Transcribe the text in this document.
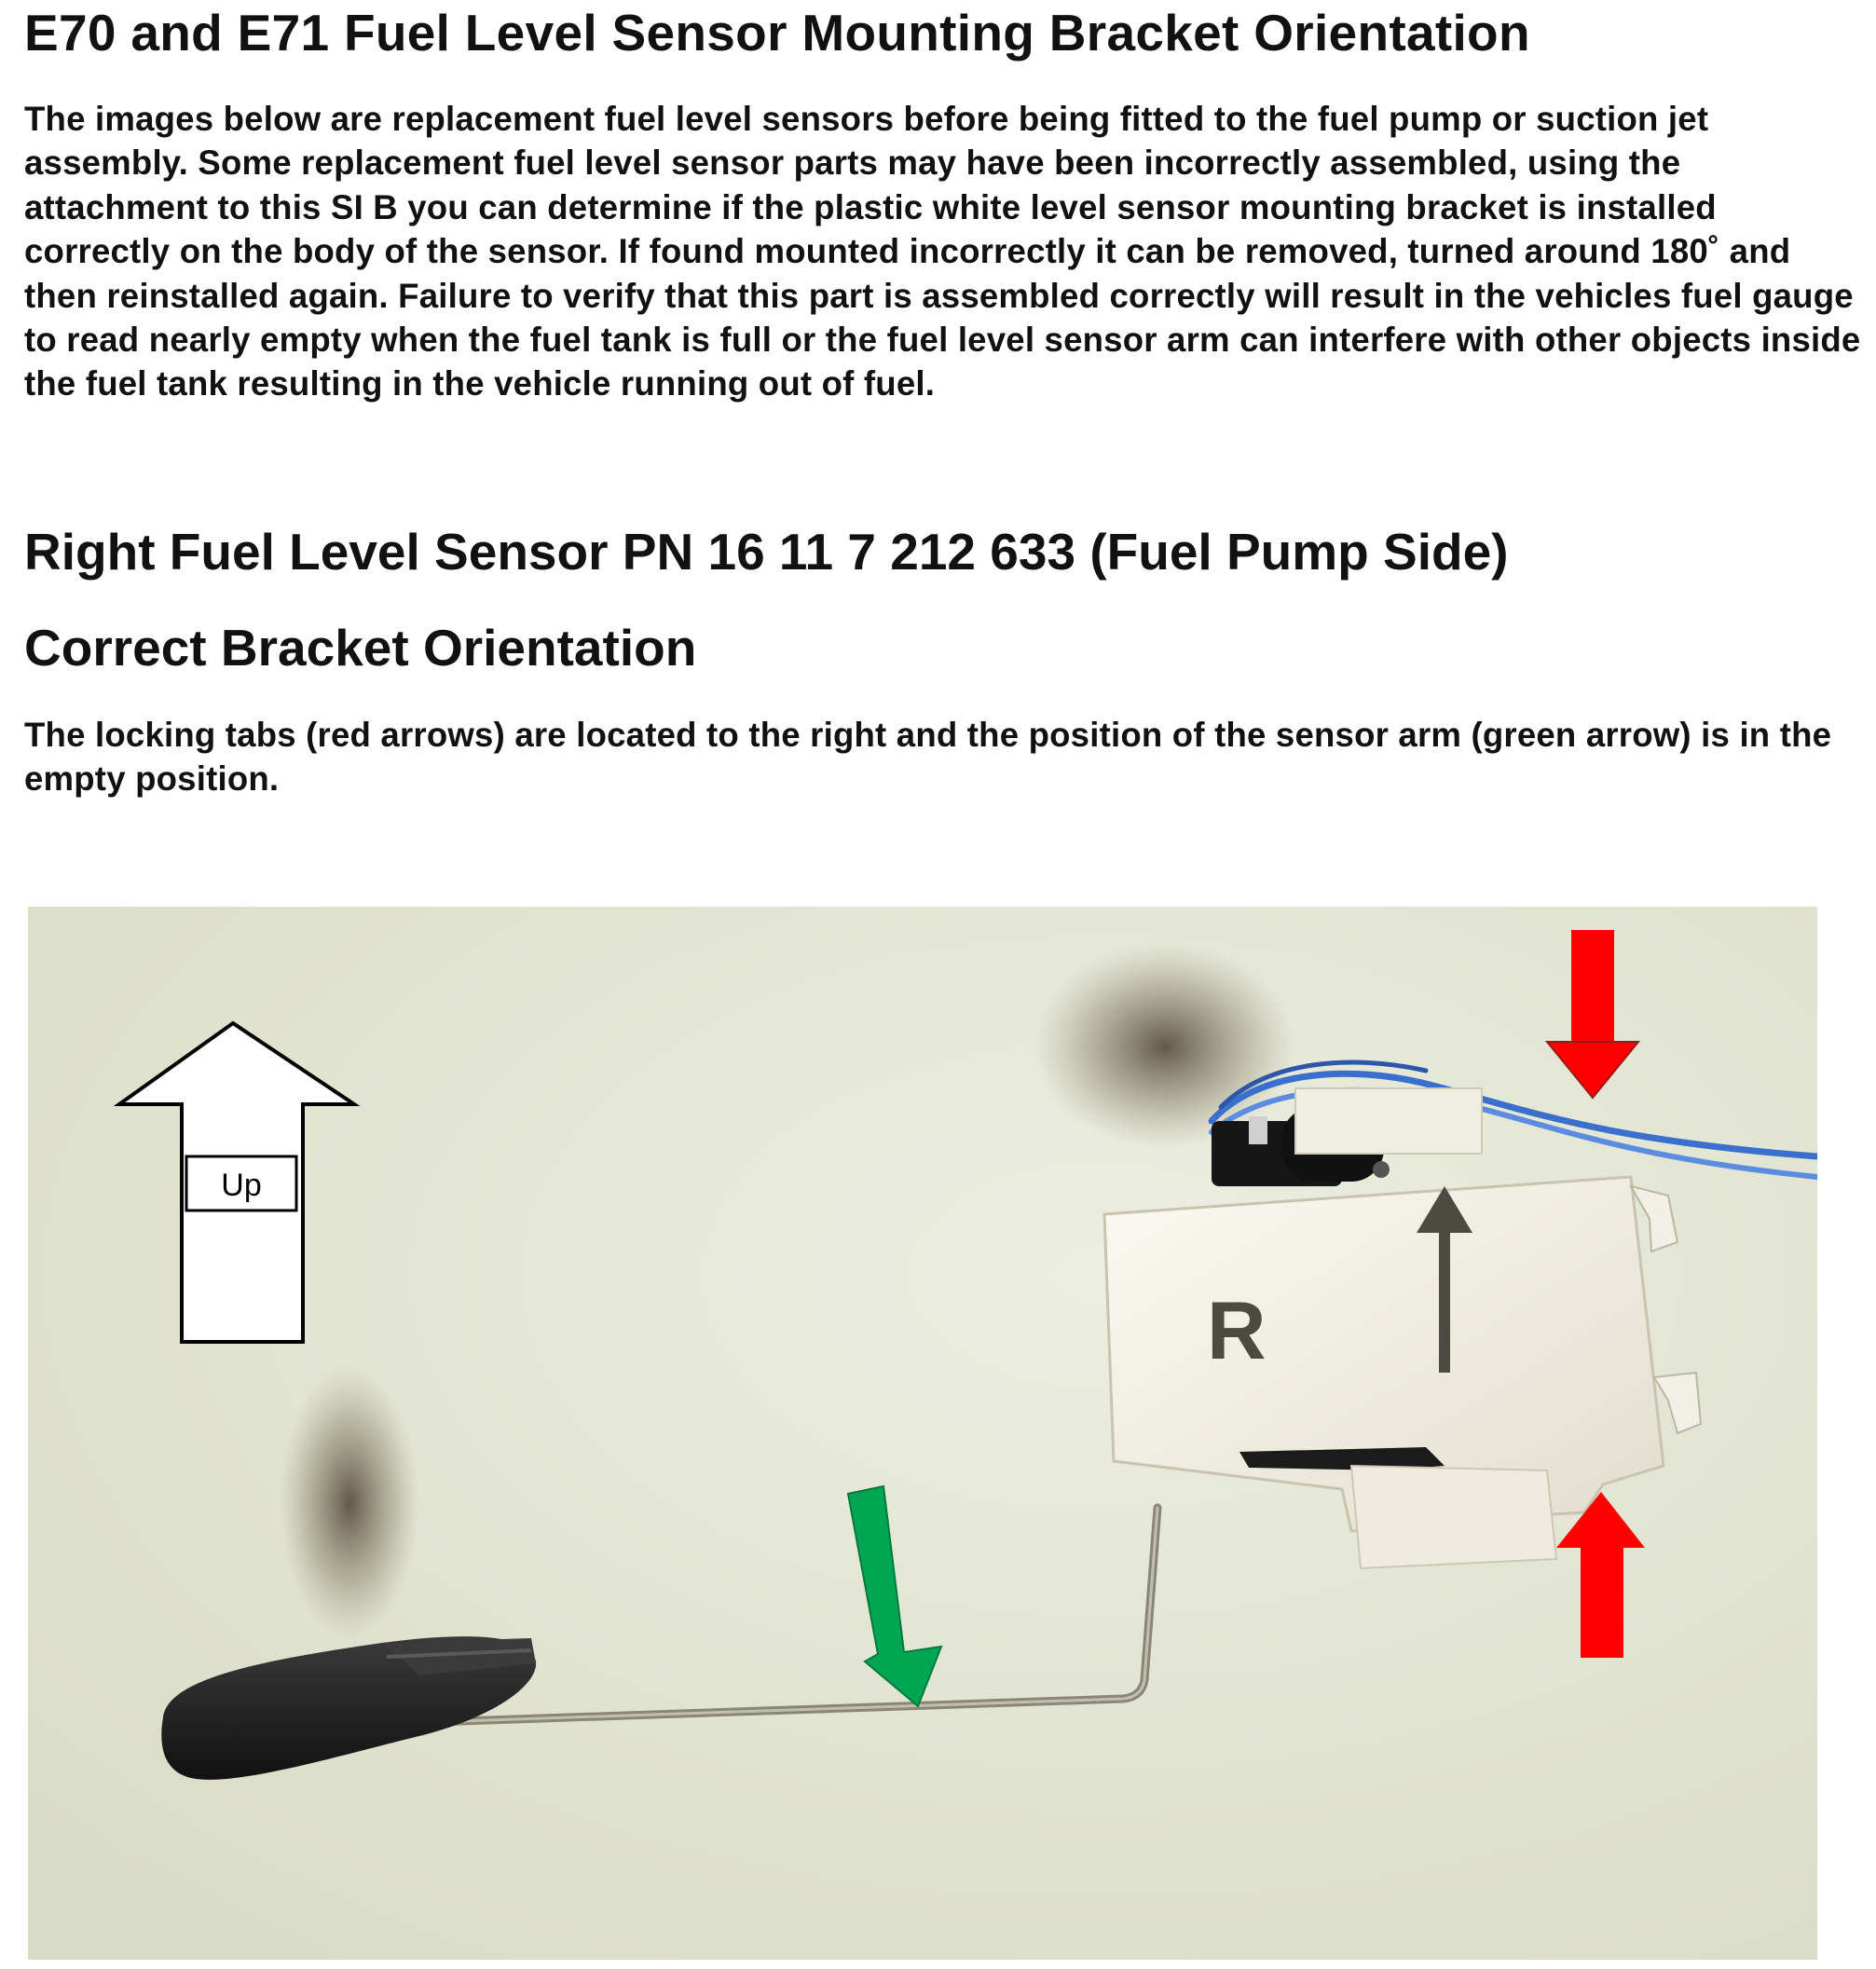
E70 and E71 Fuel Level Sensor Mounting Bracket Orientation

The images below are replacement fuel level sensors before being fitted to the fuel pump or suction jet assembly. Some replacement fuel level sensor parts may have been incorrectly assembled, using the attachment to this SI B you can determine if the plastic white level sensor mounting bracket is installed correctly on the body of the sensor. If found mounted incorrectly it can be removed, turned around 180˚ and then reinstalled again. Failure to verify that this part is assembled correctly will result in the vehicles fuel gauge to read nearly empty when the fuel tank is full or the fuel level sensor arm can interfere with other objects inside the fuel tank resulting in the vehicle running out of fuel.

Right Fuel Level Sensor PN 16 11 7 212 633 (Fuel Pump Side)
Correct Bracket Orientation

The locking tabs (red arrows) are located to the right and the position of the sensor arm (green arrow) is in the empty position.

Up
R
